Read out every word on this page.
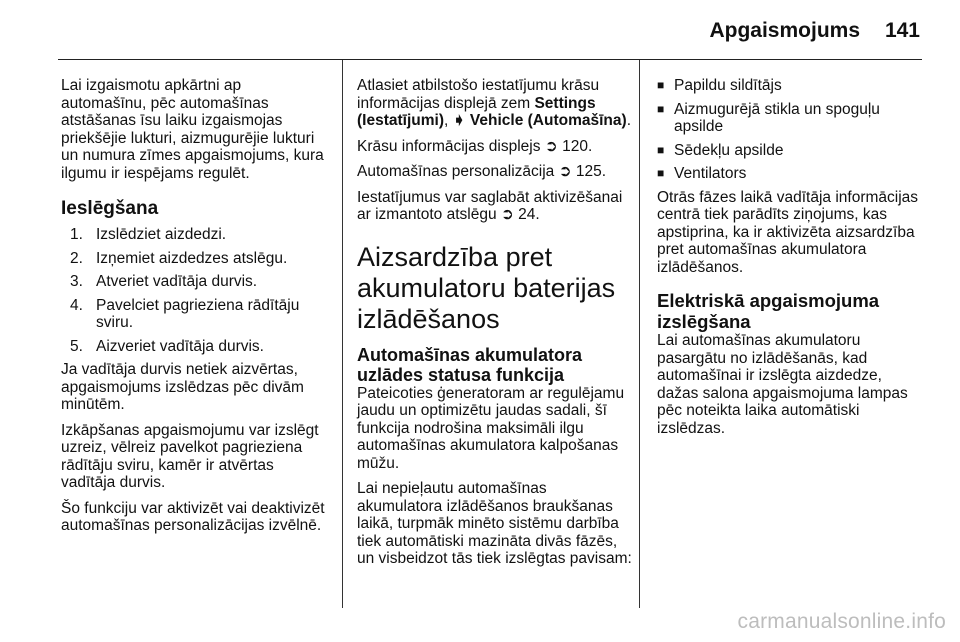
Apgaismojums 141

Lai izgaismotu apkārtni ap automašīnu, pēc automašīnas atstāšanas īsu laiku izgaismojas priekšējie lukturi, aizmugurējie lukturi un numura zīmes apgaismojums, kura ilgumu ir iespējams regulēt.

Ieslēgšana
1. Izslēdziet aizdedzi.
2. Izņemiet aizdedzes atslēgu.
3. Atveriet vadītāja durvis.
4. Pavelciet pagrieziena rādītāju sviru.
5. Aizveriet vadītāja durvis.

Ja vadītāja durvis netiek aizvērtas, apgaismojums izslēdzas pēc divām minūtēm.

Izkāpšanas apgaismojumu var izslēgt uzreiz, vēlreiz pavelkot pagrieziena rādītāju sviru, kamēr ir atvērtas vadītāja durvis.

Šo funkciju var aktivizēt vai deaktivizēt automašīnas personalizācijas izvēlnē.

Atlasiet atbilstošo iestatījumu krāsu informācijas displejā zem Settings (Iestatījumi), ➧ Vehicle (Automašīna).

Krāsu informācijas displejs ➲ 120.

Automašīnas personalizācija ➲ 125.

Iestatījumus var saglabāt aktivizēšanai ar izmantoto atslēgu ➲ 24.

Aizsardzība pret akumulatoru baterijas izlādēšanos
Automašīnas akumulatora uzlādes statusa funkcija

Pateicoties ģeneratoram ar regulējamu jaudu un optimizētu jaudas sadali, šī funkcija nodrošina maksimāli ilgu automašīnas akumulatora kalpošanas mūžu.

Lai nepieļautu automašīnas akumulatora izlādēšanos braukšanas laikā, turpmāk minēto sistēmu darbība tiek automātiski mazināta divās fāzēs, un visbeidzot tās tiek izslēgtas pavisam:

■ Papildu sildītājs
■ Aizmugurējā stikla un spoguļu apsilde
■ Sēdekļu apsilde
■ Ventilators

Otrās fāzes laikā vadītāja informācijas centrā tiek parādīts ziņojums, kas apstiprina, ka ir aktivizēta aizsardzība pret automašīnas akumulatora izlādēšanos.

Elektriskā apgaismojuma izslēgšana

Lai automašīnas akumulatoru pasargātu no izlādēšanās, kad automašīnai ir izslēgta aizdedze, dažas salona apgaismojuma lampas pēc noteikta laika automātiski izslēdzas.

carmanualsonline.info
